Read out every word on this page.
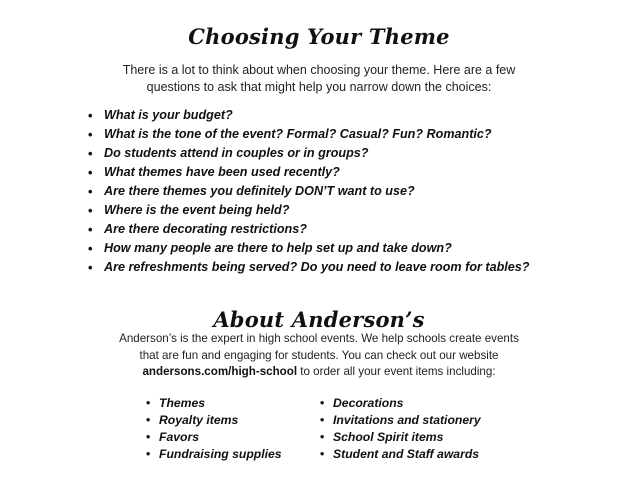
Choosing Your Theme
There is a lot to think about when choosing your theme. Here are a few
questions to ask that might help you narrow down the choices:
• What is your budget?
• What is the tone of the event? Formal? Casual? Fun? Romantic?
• Do students attend in couples or in groups?
• What themes have been used recently?
• Are there themes you definitely DON’T want to use?
• Where is the event being held?
• Are there decorating restrictions?
• How many people are there to help set up and take down?
• Are refreshments being served? Do you need to leave room for tables?
About Anderson’s
Anderson’s is the expert in high school events. We help schools create events
that are fun and engaging for students. You can check out our website
andersons.com/high-school to order all your event items including:
• Themes
• Royalty items
• Favors
• Fundraising supplies
• Decorations
• Invitations and stationery
• School Spirit items
• Student and Staff awards
